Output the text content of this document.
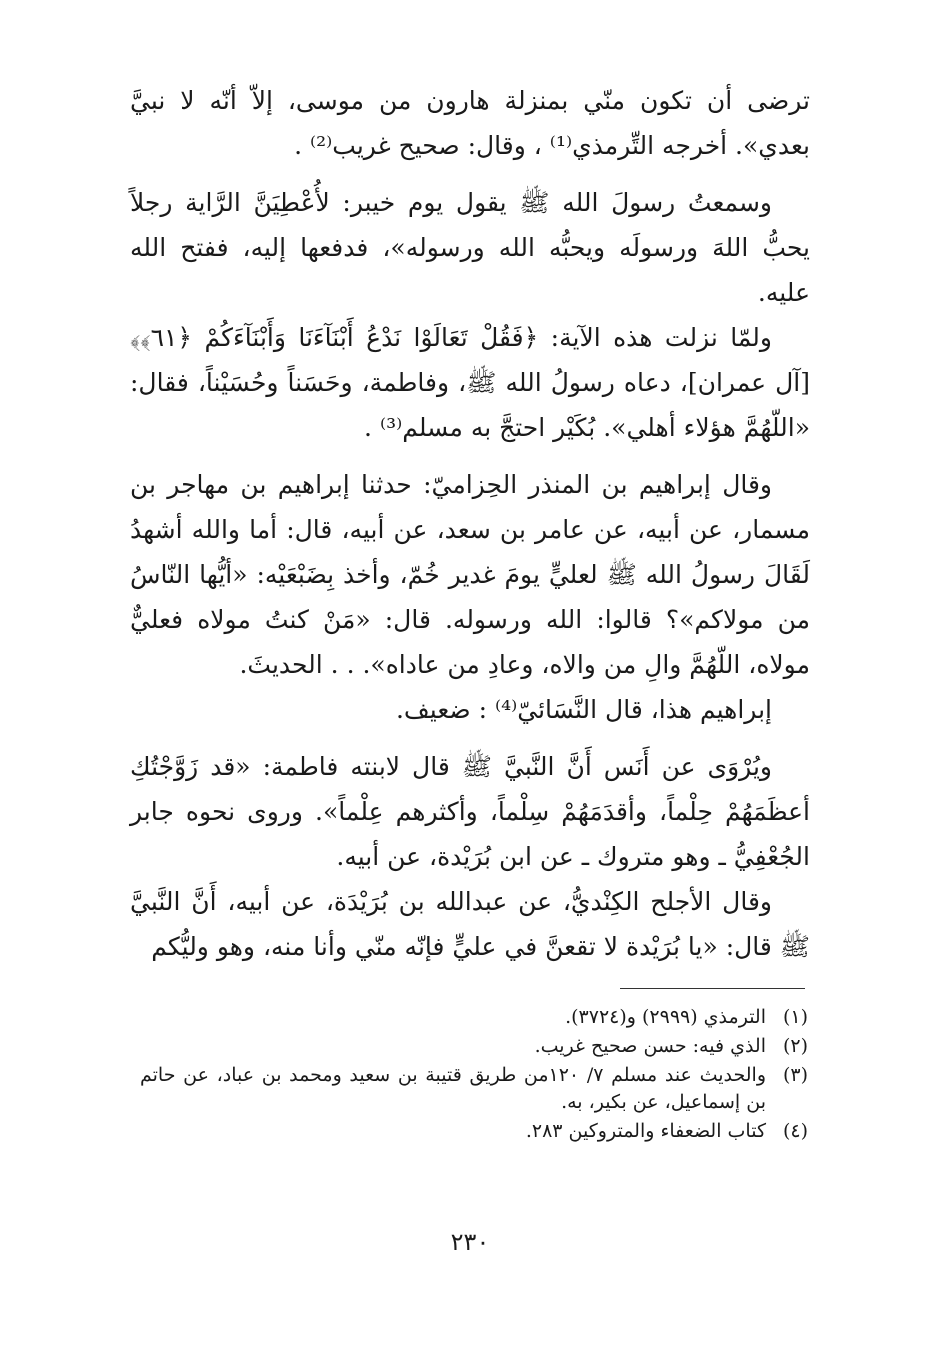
ترضى أن تكون منّي بمنزلة هارون من موسى، إلاّ أنّه لا نبيَّ بعدي». أخرجه التِّرمذي⁽¹⁾ ، وقال: صحيح غريب⁽²⁾ .

وسمعتُ رسولَ الله ﷺ يقول يوم خيبر: لأُعْطِيَنَّ الرَّاية رجلاً يحبُّ اللهَ ورسولَه ويحبُّه الله ورسوله»، فدفعها إليه، ففتح الله عليه.

ولمّا نزلت هذه الآية: ﴿فَقُلْ تَعَالَوْا نَدْعُ أَبْنَآءَنَا وَأَبْنَآءَكُمْ ﴿٦١﴾﴾ [آل عمران]، دعاه رسولُ الله ﷺ، وفاطمة، وحَسَناً وحُسَيْناً، فقال: «اللّهُمَّ هؤلاء أهلي». بُكَيْر احتجَّ به مسلم⁽³⁾ .

وقال إبراهيم بن المنذر الحِزاميّ: حدثنا إبراهيم بن مهاجر بن مسمار، عن أبيه، عن عامر بن سعد، عن أبيه، قال: أما والله أشهدُ لَقَالَ رسولُ الله ﷺ لعليٍّ يومَ غدير خُمّ، وأخذ بِضَبْعَيْه: «أيُّها النّاسُ من مولاكم»؟ قالوا: الله ورسوله. قال: «مَنْ كنتُ مولاه فعليٌّ مولاه، اللّهُمَّ والِ من والاه، وعادِ من عاداه». . . الحديثَ.

إبراهيم هذا، قال النَّسَائيّ⁽⁴⁾ : ضعيف.

ويُرْوَى عن أَنَس أَنَّ النَّبيَّ ﷺ قال لابنته فاطمة: «قد زَوَّجْتُكِ أعظَمَهُمْ حِلْماً، وأقدَمَهُمْ سِلْماً، وأكثرهم عِلْماً». وروى نحوه جابر الجُعْفِيُّ ـ وهو متروك ـ عن ابن بُرَيْدة، عن أبيه.

وقال الأجلح الكِنْديُّ، عن عبدالله بن بُرَيْدَة، عن أبيه، أَنَّ النَّبيَّ ﷺ قال: «يا بُرَيْدة لا تقعنَّ في عليٍّ فإنّه منّي وأنا منه، وهو وليُّكم

(١)
الترمذي (٢٩٩٩) و(٣٧٢٤).
(٢)
الذي فيه: حسن صحيح غريب.
(٣)
والحديث عند مسلم ٧/ ١٢٠من طريق قتيبة بن سعيد ومحمد بن عباد، عن حاتم بن إسماعيل، عن بكير، به.
(٤)
كتاب الضعفاء والمتروكين ٢٨٣.
٢٣٠
